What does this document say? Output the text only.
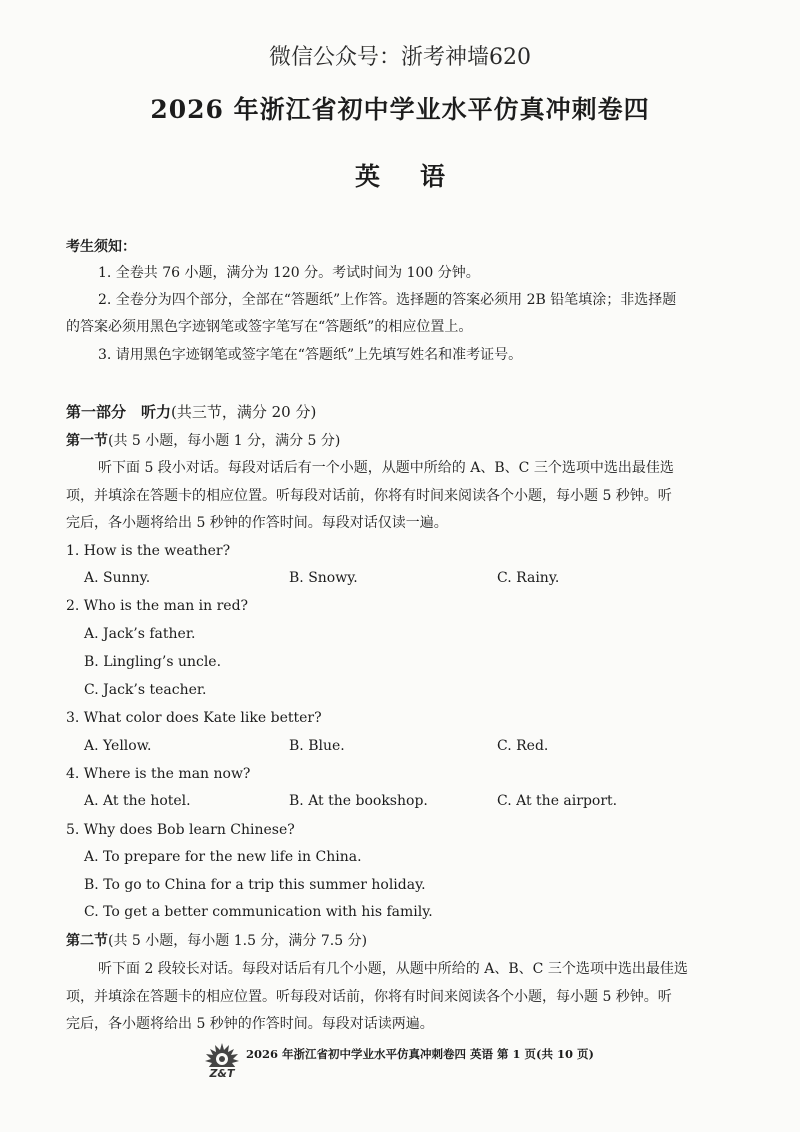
微信公众号：浙考神墙620
2026 年浙江省初中学业水平仿真冲刺卷四
英语
考生须知：
1. 全卷共 76 小题，满分为 120 分。考试时间为 100 分钟。
2. 全卷分为四个部分，全部在“答题纸”上作答。选择题的答案必须用 2B 铅笔填涂；非选择题
的答案必须用黑色字迹钢笔或签字笔写在“答题纸”的相应位置上。
3. 请用黑色字迹钢笔或签字笔在“答题纸”上先填写姓名和准考证号。
第一部分　听力(共三节，满分 20 分)
第一节(共 5 小题，每小题 1 分，满分 5 分)
听下面 5 段小对话。每段对话后有一个小题，从题中所给的 A、B、C 三个选项中选出最佳选
项，并填涂在答题卡的相应位置。听每段对话前，你将有时间来阅读各个小题，每小题 5 秒钟。听
完后，各小题将给出 5 秒钟的作答时间。每段对话仅读一遍。
1. How is the weather?
A. Sunny.	B. Snowy.	C. Rainy.
2. Who is the man in red?
A. Jack’s father.
B. Lingling’s uncle.
C. Jack’s teacher.
3. What color does Kate like better?
A. Yellow.	B. Blue.	C. Red.
4. Where is the man now?
A. At the hotel.	B. At the bookshop.	C. At the airport.
5. Why does Bob learn Chinese?
A. To prepare for the new life in China.
B. To go to China for a trip this summer holiday.
C. To get a better communication with his family.
第二节(共 5 小题，每小题 1.5 分，满分 7.5 分)
听下面 2 段较长对话。每段对话后有几个小题，从题中所给的 A、B、C 三个选项中选出最佳选
项，并填涂在答题卡的相应位置。听每段对话前，你将有时间来阅读各个小题，每小题 5 秒钟。听
完后，各小题将给出 5 秒钟的作答时间。每段对话读两遍。
Z&T
2026 年浙江省初中学业水平仿真冲刺卷四 英语 第 1 页(共 10 页)
